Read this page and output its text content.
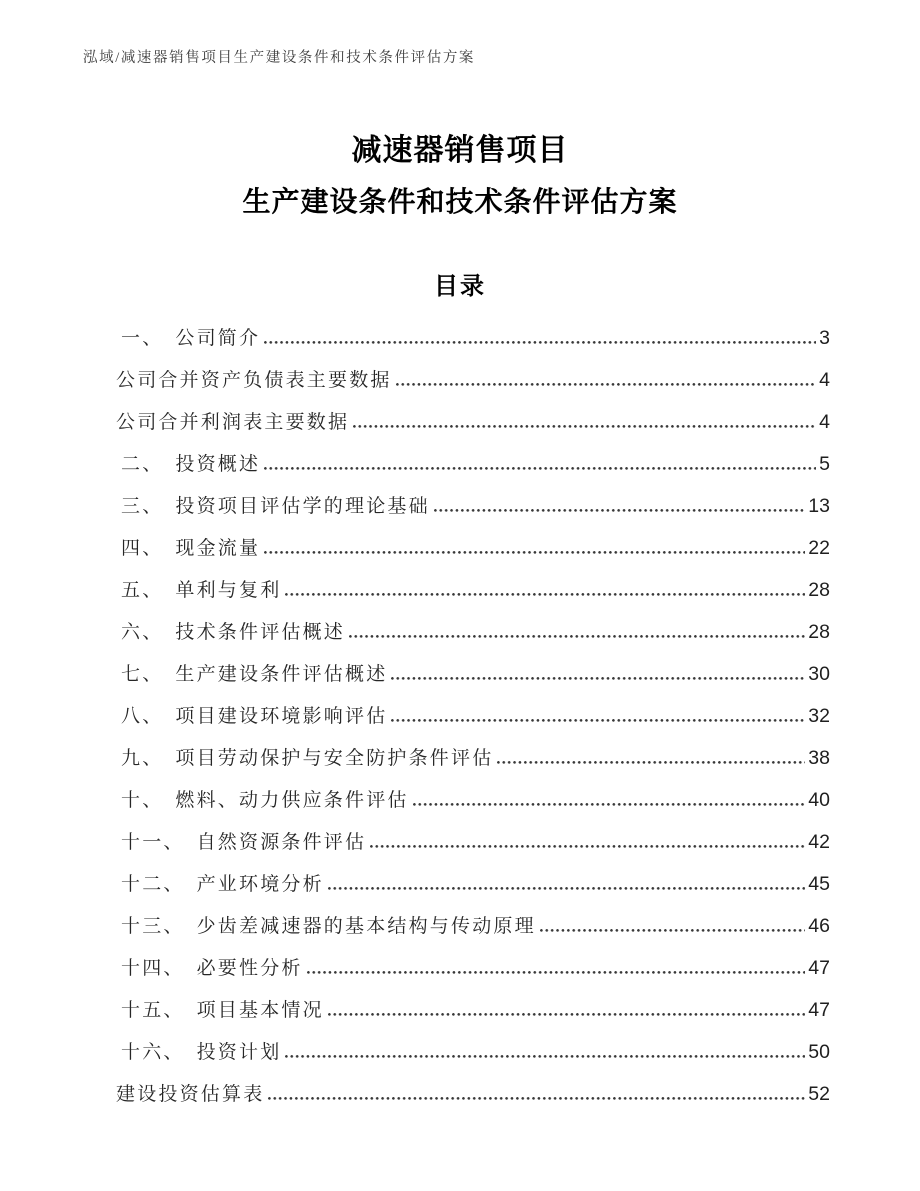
泓域/减速器销售项目生产建设条件和技术条件评估方案
减速器销售项目
生产建设条件和技术条件评估方案
目录
一、 公司简介	3
公司合并资产负债表主要数据	4
公司合并利润表主要数据	4
二、 投资概述	5
三、 投资项目评估学的理论基础	13
四、 现金流量	22
五、 单利与复利	28
六、 技术条件评估概述	28
七、 生产建设条件评估概述	30
八、 项目建设环境影响评估	32
九、 项目劳动保护与安全防护条件评估	38
十、 燃料、动力供应条件评估	40
十一、 自然资源条件评估	42
十二、 产业环境分析	45
十三、 少齿差减速器的基本结构与传动原理	46
十四、 必要性分析	47
十五、 项目基本情况	47
十六、 投资计划	50
建设投资估算表	52
